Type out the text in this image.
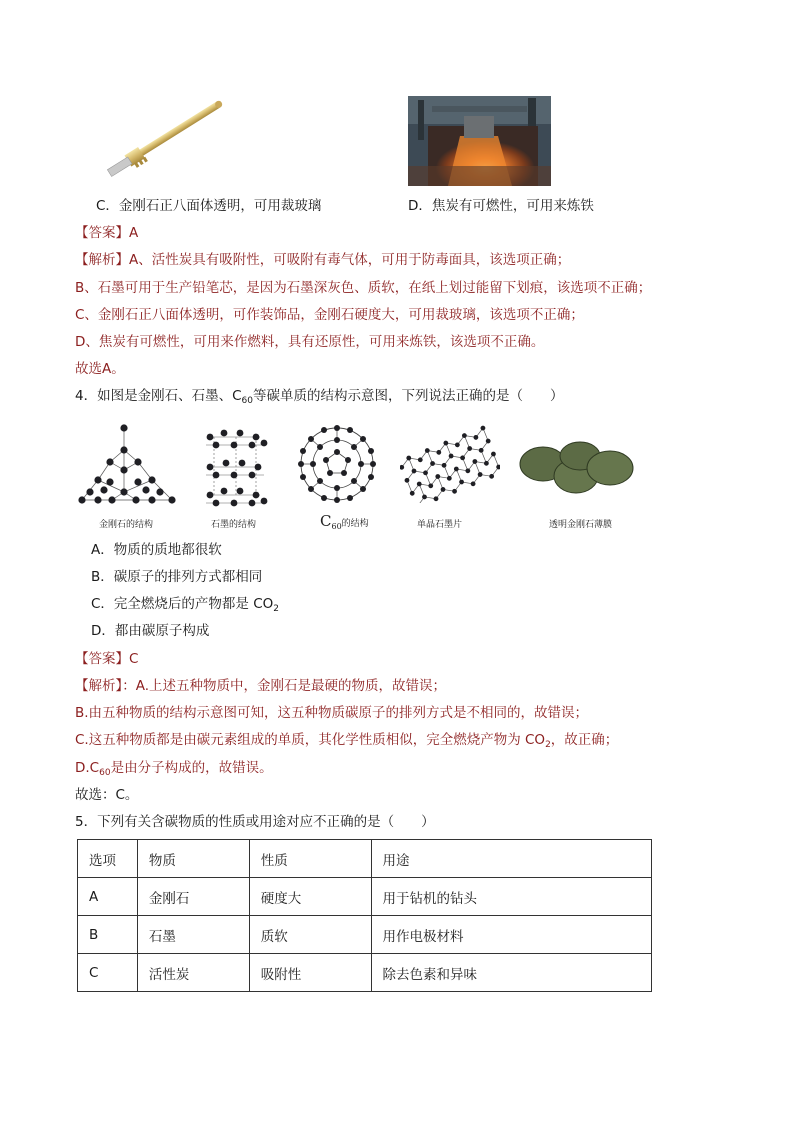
C．金刚石正八面体透明，可用裁玻璃	D．焦炭有可燃性，可用来炼铁
【答案】A
【解析】A、活性炭具有吸附性，可吸附有毒气体，可用于防毒面具，该选项正确；
B、石墨可用于生产铅笔芯，是因为石墨深灰色、质软，在纸上划过能留下划痕，该选项不正确；
C、金刚石正八面体透明，可作装饰品，金刚石硬度大，可用裁玻璃，该选项不正确；
D、焦炭有可燃性，可用来作燃料，具有还原性，可用来炼铁，该选项不正确。
故选A。
4．如图是金刚石、石墨、$C_{60}$等碳单质的结构示意图，下列说法正确的是（　　）
金刚石的结构	石墨的结构	$C_{60}$的结构	单晶石墨片	透明金刚石薄膜
A．物质的质地都很软
B．碳原子的排列方式都相同
C．完全燃烧后的产物都是 $CO_2$
D．都由碳原子构成
【答案】C
【解析】：A.上述五种物质中，金刚石是最硬的物质，故错误；
B.由五种物质的结构示意图可知，这五种物质碳原子的排列方式是不相同的，故错误；
C.这五种物质都是由碳元素组成的单质，其化学性质相似，完全燃烧产物为 $CO_2$，故正确；
$D.C_{60}$是由分子构成的，故错误。
故选：C。
5．下列有关含碳物质的性质或用途对应不正确的是（　　）
选项	物质	性质	用途
A	金刚石	硬度大	用于钻机的钻头
B	石墨	质软	用作电极材料
C	活性炭	吸附性	除去色素和异味
